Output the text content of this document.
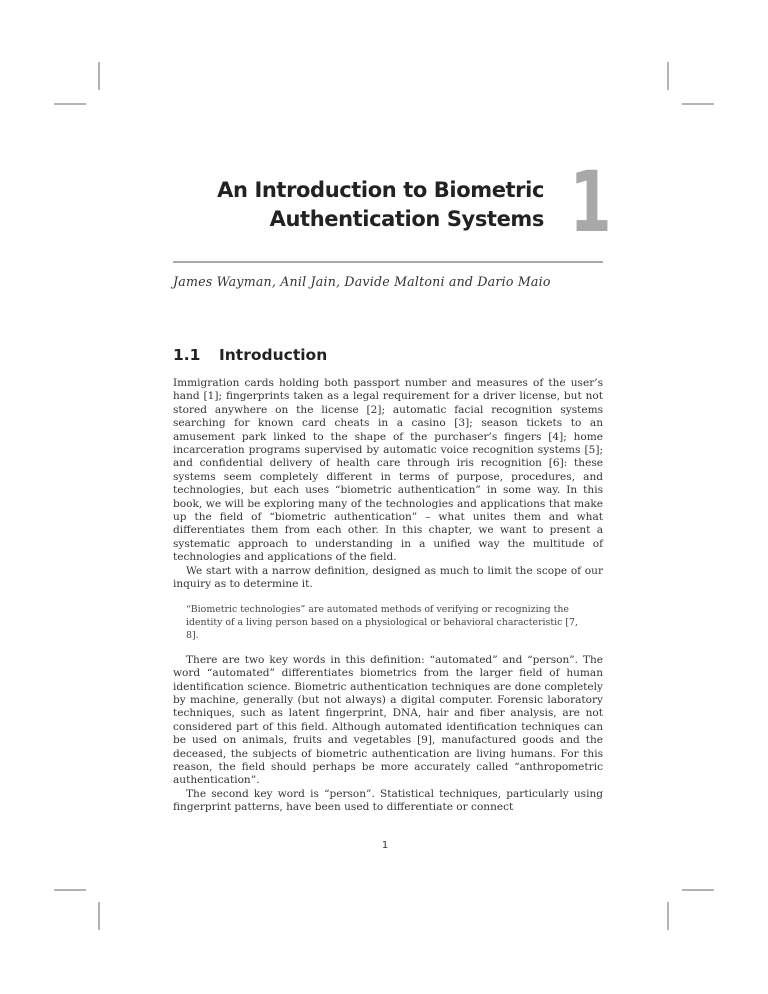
An Introduction to Biometric
Authentication Systems 1
James Wayman, Anil Jain, Davide Maltoni and Dario Maio
1.1 Introduction

Immigration cards holding both passport number and measures of the user’s hand [1]; fingerprints taken as a legal requirement for a driver license, but not stored anywhere on the license [2]; automatic facial recognition systems searching for known card cheats in a casino [3]; season tickets to an amusement park linked to the shape of the purchaser’s fingers [4]; home incarceration programs supervised by automatic voice recognition systems [5]; and confidential delivery of health care through iris recognition [6]: these systems seem completely different in terms of purpose, procedures, and technologies, but each uses “biometric authentication” in some way. In this book, we will be exploring many of the technologies and applications that make up the field of “biometric authentication” – what unites them and what differentiates them from each other. In this chapter, we want to present a systematic approach to understanding in a unified way the multitude of technologies and applications of the field.

We start with a narrow definition, designed as much to limit the scope of our inquiry as to determine it.

“Biometric technologies” are automated methods of verifying or recognizing the identity of a living person based on a physiological or behavioral characteristic [7, 8].

There are two key words in this definition: “automated” and “person”. The word “automated” differentiates biometrics from the larger field of human identification science. Biometric authentication techniques are done completely by machine, generally (but not always) a digital computer. Forensic laboratory techniques, such as latent fingerprint, DNA, hair and fiber analysis, are not considered part of this field. Although automated identification techniques can be used on animals, fruits and vegetables [9], manufactured goods and the deceased, the subjects of biometric authentication are living humans. For this reason, the field should perhaps be more accurately called “anthropometric authentication”.

The second key word is “person”. Statistical techniques, particularly using fingerprint patterns, have been used to differentiate or connect

1
